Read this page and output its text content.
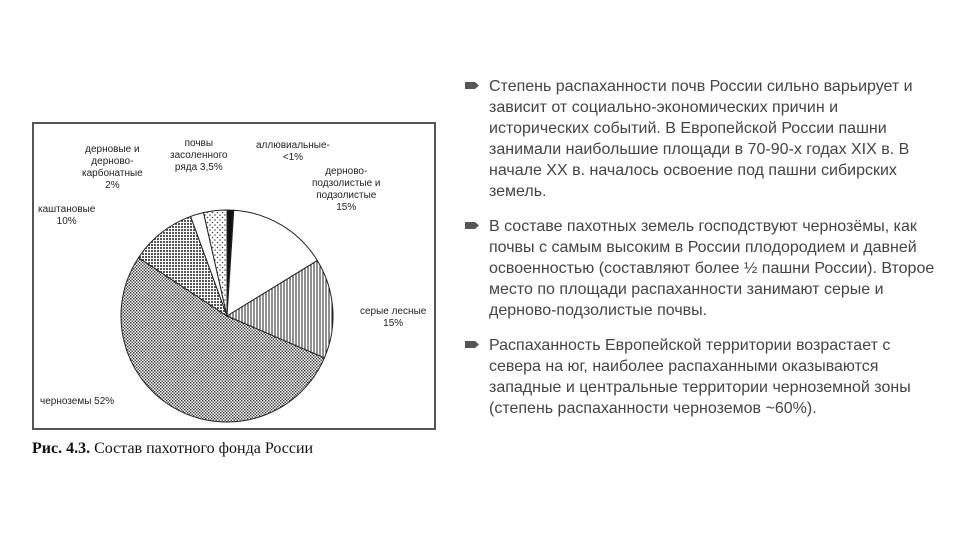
аллювиальные-
<1%
дерново-
подзолистые и
подзолистые
15%
серые лесные
15%
черноземы 52%
каштановые
10%
дерновые и
дерново-
карбонатные
2%
почвы
засоленного
ряда 3,5%
Рис. 4.3. Состав пахотного фонда России
Степень распаханности почв России сильно варьирует и зависит от социально-экономических причин и исторических событий. В Европейской России пашни занимали наибольшие площади в 70-90-х годах XIX в. В начале XX в. началось освоение под пашни сибирских земель.
В составе пахотных земель господствуют чернозёмы, как почвы с самым высоким в России плодородием и давней освоенностью (составляют более ½ пашни России). Второе место по площади распаханности занимают серые и дерново-подзолистые почвы.
Распаханность Европейской территории возрастает с севера на юг, наиболее распаханными оказываются западные и центральные территории черноземной зоны (степень распаханности черноземов ~60%).
